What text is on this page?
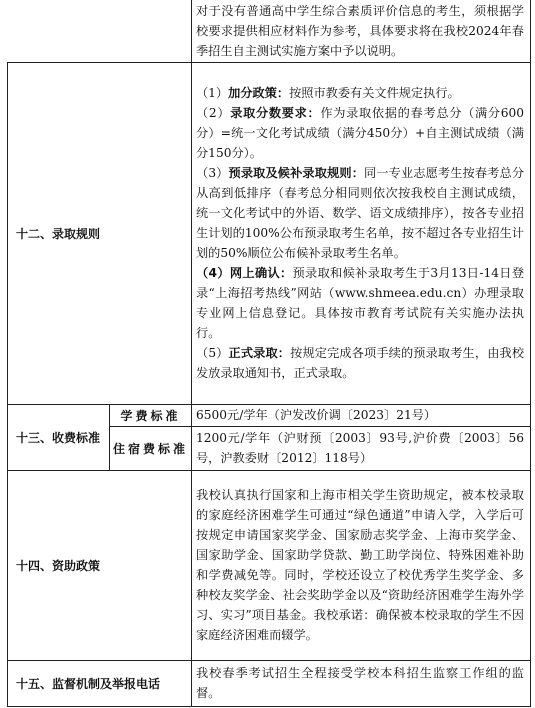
		对于没有普通高中学生综合素质评价信息的考生，须根据学校要求提供相应材料作为参考，具体要求将在我校2024年春季招生自主测试实施方案中予以说明。

十二、录取规则		（1）加分政策：按照市教委有关文件规定执行。

（2）录取分数要求：作为录取依据的春考总分（满分600分）=统一文化考试成绩（满分450分）+自主测试成绩（满分150分）。

（3）预录取及候补录取规则：同一专业志愿考生按春考总分从高到低排序（春考总分相同则依次按我校自主测试成绩，统一文化考试中的外语、数学、语文成绩排序），按各专业招生计划的100%公布预录取考生名单，按不超过各专业招生计划的50%顺位公布候补录取考生名单。

（4）网上确认：预录取和候补录取考生于3月13日-14日登录“上海招考热线”网站（www.shmeea.edu.cn）办理录取专业网上信息登记。具体按市教育考试院有关实施办法执行。

（5）正式录取：按规定完成各项手续的预录取考生，由我校发放录取通知书，正式录取。

十三、收费标准	学费标准	6500元/学年（沪发改价调〔2023〕21号）
	住宿费标准	1200元/学年（沪财预〔2003〕93号,沪价费〔2003〕56号，沪教委财〔2012〕118号）
十四、资助政策		我校认真执行国家和上海市相关学生资助规定，被本校录取的家庭经济困难学生可通过“绿色通道”申请入学，入学后可按规定申请国家奖学金、国家励志奖学金、上海市奖学金、国家助学金、国家助学贷款、勤工助学岗位、特殊困难补助和学费减免等。同时，学校还设立了校优秀学生奖学金、多种校友奖学金、社会奖助学金以及“资助经济困难学生海外学习、实习”项目基金。我校承诺：确保被本校录取的学生不因家庭经济困难而辍学。

十五、监督机制及举报电话		我校春季考试招生全程接受学校本科招生监察工作组的监督。
